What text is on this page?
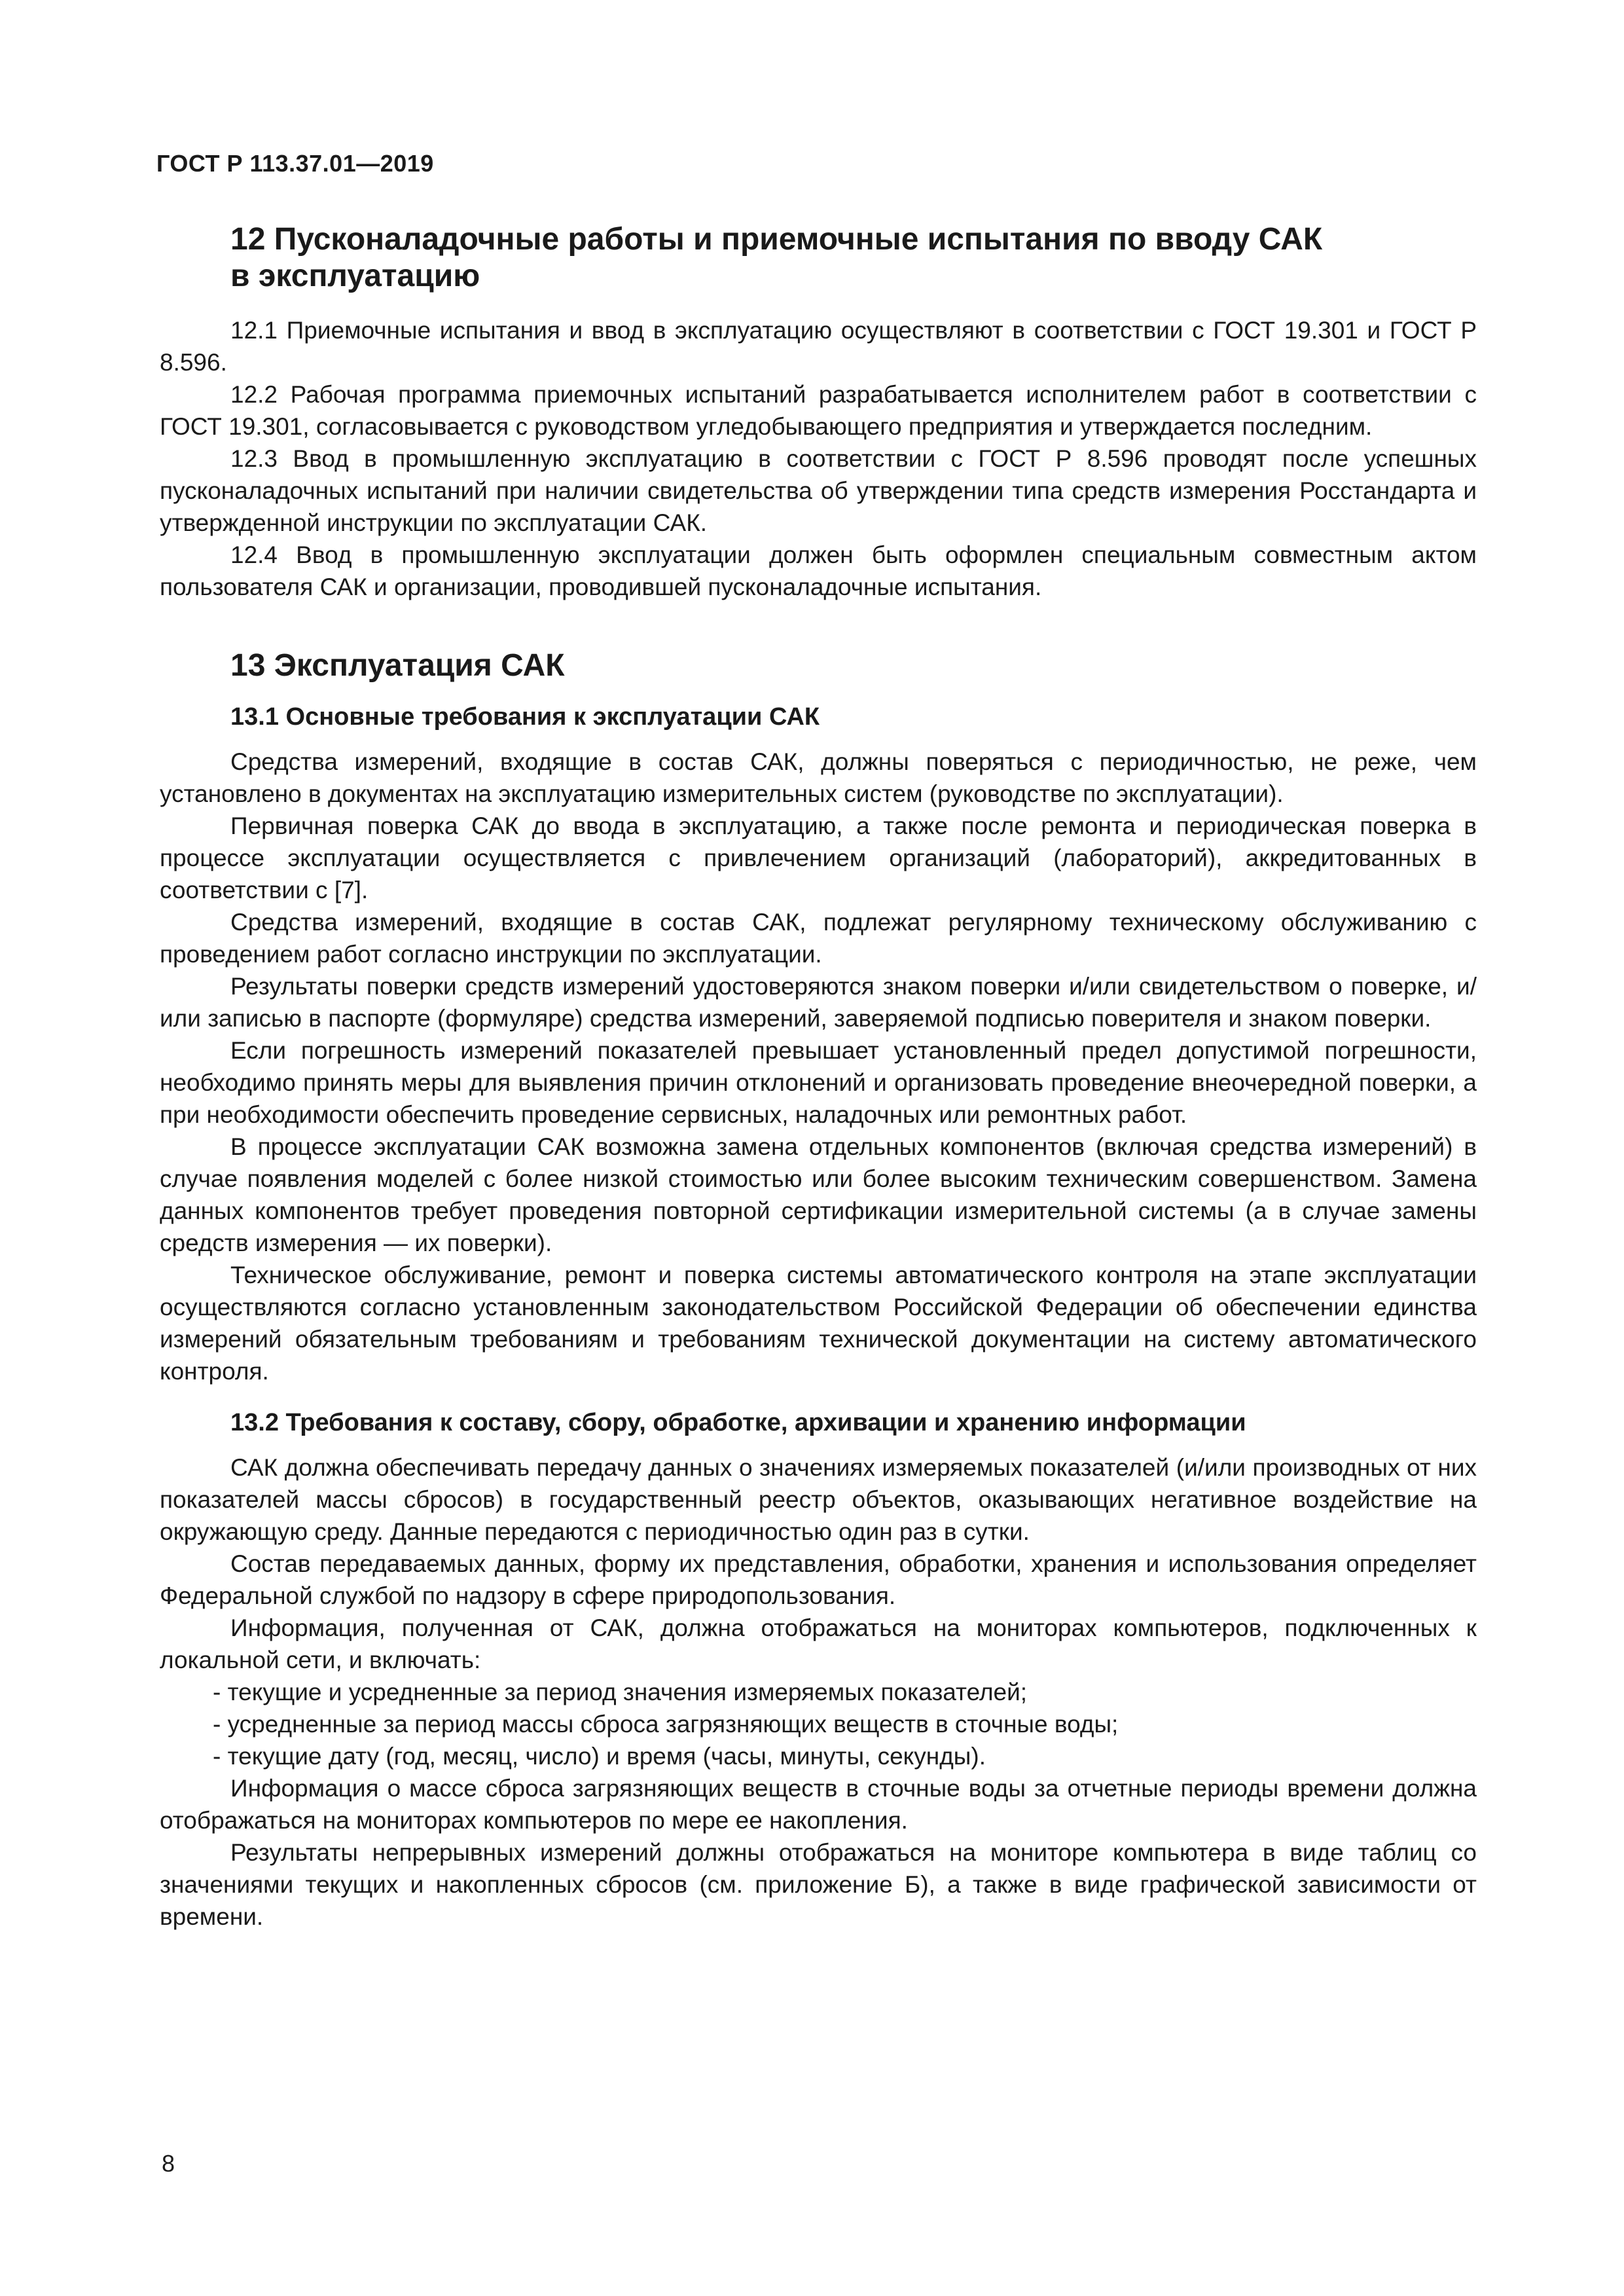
ГОСТ Р 113.37.01—2019
12 Пусконаладочные работы и приемочные испытания по вводу САК
в эксплуатацию

12.1 Приемочные испытания и ввод в эксплуатацию осуществляют в соответствии с ГОСТ 19.301 и ГОСТ Р 8.596.

12.2 Рабочая программа приемочных испытаний разрабатывается исполнителем работ в соответствии с ГОСТ 19.301, согласовывается с руководством угледобывающего предприятия и утверждается последним.

12.3 Ввод в промышленную эксплуатацию в соответствии с ГОСТ Р 8.596 проводят после успешных пусконаладочных испытаний при наличии свидетельства об утверждении типа средств измерения Росстандарта и утвержденной инструкции по эксплуатации САК.

12.4 Ввод в промышленную эксплуатации должен быть оформлен специальным совместным актом пользователя САК и организации, проводившей пусконаладочные испытания.

13 Эксплуатация САК
13.1 Основные требования к эксплуатации САК

Средства измерений, входящие в состав САК, должны поверяться с периодичностью, не реже, чем установлено в документах на эксплуатацию измерительных систем (руководстве по эксплуатации).

Первичная поверка САК до ввода в эксплуатацию, а также после ремонта и периодическая поверка в процессе эксплуатации осуществляется с привлечением организаций (лабораторий), аккредитованных в соответствии с [7].

Средства измерений, входящие в состав САК, подлежат регулярному техническому обслуживанию с проведением работ согласно инструкции по эксплуатации.

Результаты поверки средств измерений удостоверяются знаком поверки и/или свидетельством о поверке, и/или записью в паспорте (формуляре) средства измерений, заверяемой подписью поверителя и знаком поверки.

Если погрешность измерений показателей превышает установленный предел допустимой погрешности, необходимо принять меры для выявления причин отклонений и организовать проведение внеочередной поверки, а при необходимости обеспечить проведение сервисных, наладочных или ремонтных работ.

В процессе эксплуатации САК возможна замена отдельных компонентов (включая средства измерений) в случае появления моделей с более низкой стоимостью или более высоким техническим совершенством. Замена данных компонентов требует проведения повторной сертификации измерительной системы (а в случае замены средств измерения — их поверки).

Техническое обслуживание, ремонт и поверка системы автоматического контроля на этапе эксплуатации осуществляются согласно установленным законодательством Российской Федерации об обеспечении единства измерений обязательным требованиям и требованиям технической документации на систему автоматического контроля.

13.2 Требования к составу, сбору, обработке, архивации и хранению информации

САК должна обеспечивать передачу данных о значениях измеряемых показателей (и/или производных от них показателей массы сбросов) в государственный реестр объектов, оказывающих негативное воздействие на окружающую среду. Данные передаются с периодичностью один раз в сутки.

Состав передаваемых данных, форму их представления, обработки, хранения и использования определяет Федеральной службой по надзору в сфере природопользования.

Информация, полученная от САК, должна отображаться на мониторах компьютеров, подключенных к локальной сети, и включать:

- текущие и усредненные за период значения измеряемых показателей;

- усредненные за период массы сброса загрязняющих веществ в сточные воды;

- текущие дату (год, месяц, число) и время (часы, минуты, секунды).

Информация о массе сброса загрязняющих веществ в сточные воды за отчетные периоды времени должна отображаться на мониторах компьютеров по мере ее накопления.

Результаты непрерывных измерений должны отображаться на мониторе компьютера в виде таблиц со значениями текущих и накопленных сбросов (см. приложение Б), а также в виде графической зависимости от времени.

8
